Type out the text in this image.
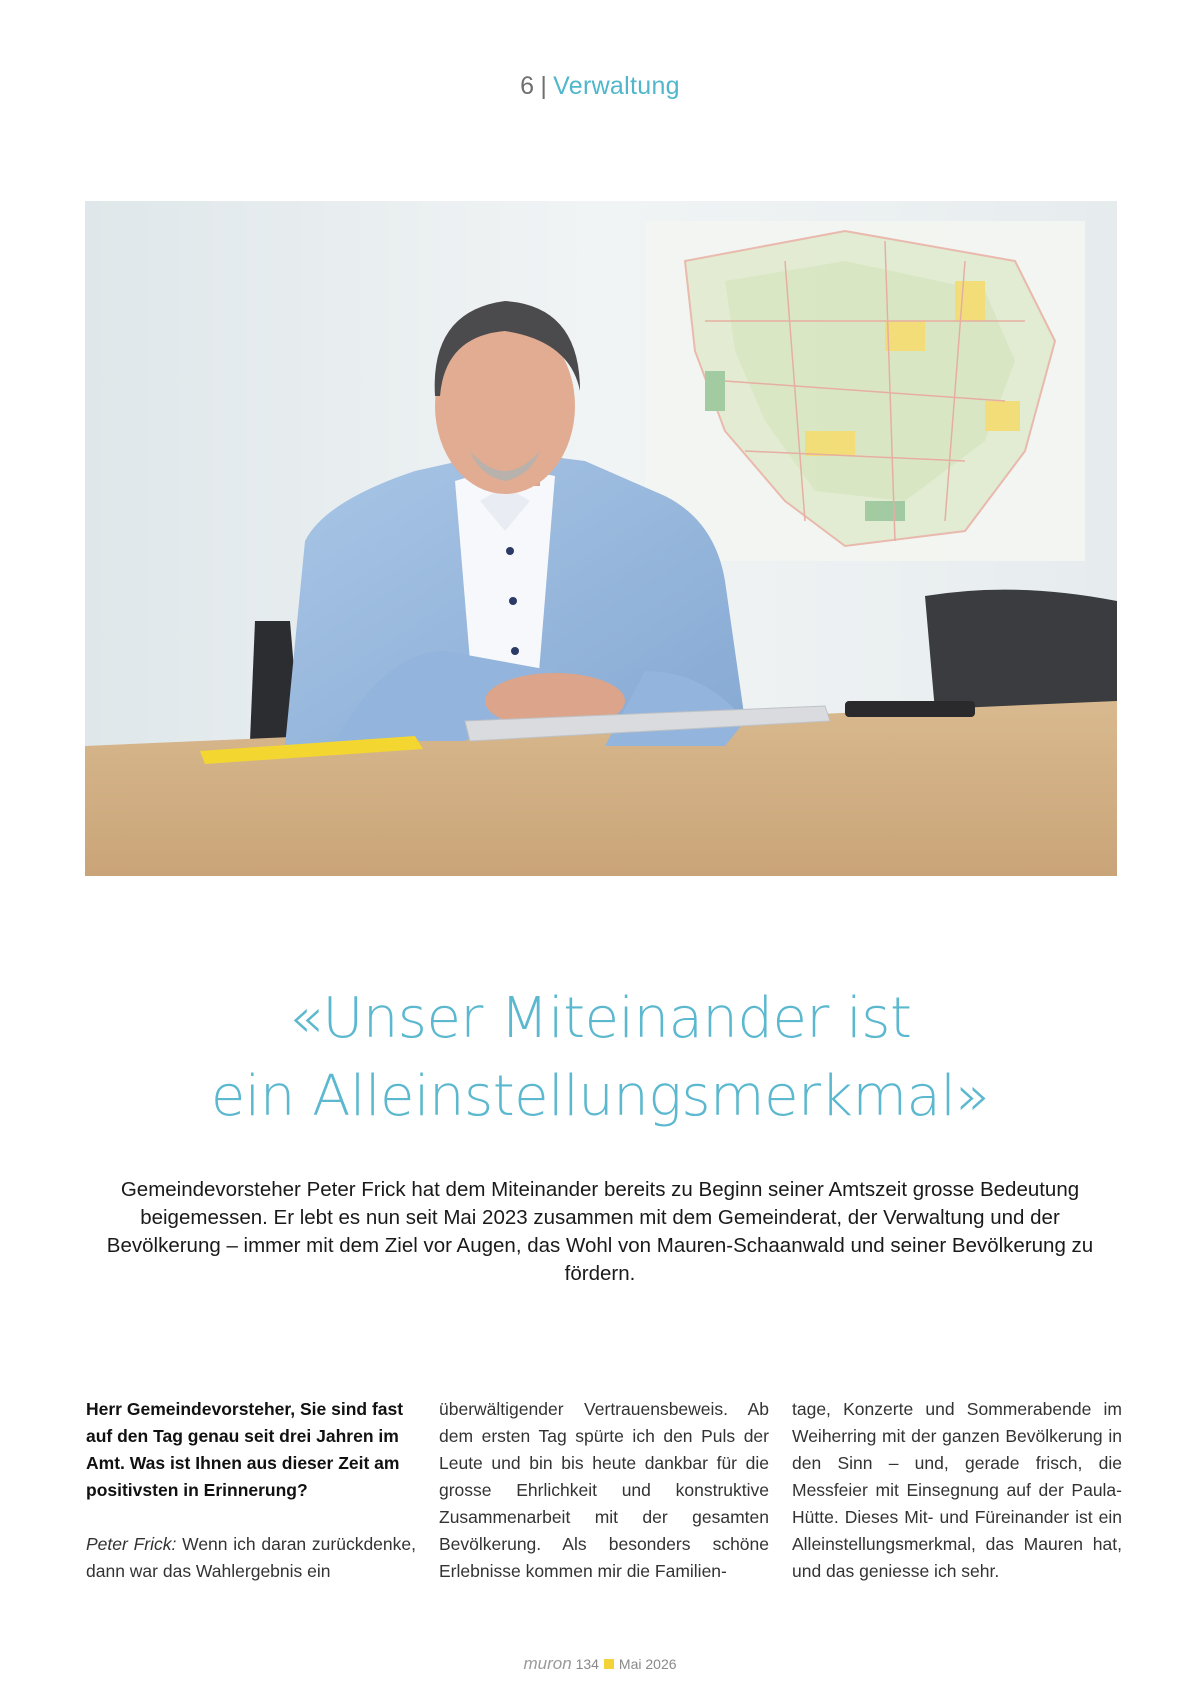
6 | Verwaltung
«Unser Miteinander ist
ein Alleinstellungsmerkmal»
Gemeindevorsteher Peter Frick hat dem Miteinander bereits zu Beginn seiner Amtszeit grosse Bedeutung beigemessen. Er lebt es nun seit Mai 2023 zusammen mit dem Gemeinderat, der Verwaltung und der Bevölkerung – immer mit dem Ziel vor Augen, das Wohl von Mauren-Schaanwald und seiner Bevölkerung zu fördern.

Herr Gemeindevorsteher, Sie sind fast auf den Tag genau seit drei Jahren im Amt. Was ist Ihnen aus dieser Zeit am positivsten in Erinnerung?

Peter Frick: Wenn ich daran zurückdenke, dann war das Wahlergebnis ein

überwältigender Vertrauensbeweis. Ab dem ersten Tag spürte ich den Puls der Leute und bin bis heute dankbar für die grosse Ehrlichkeit und konstruktive Zusammenarbeit mit der gesamten Bevölkerung. Als besonders schöne Erlebnisse kommen mir die Familien-

tage, Konzerte und Sommerabende im Weiherring mit der ganzen Bevölkerung in den Sinn – und, gerade frisch, die Messfeier mit Einsegnung auf der Paula-Hütte. Dieses Mit- und Füreinander ist ein Alleinstellungsmerkmal, das Mauren hat, und das geniesse ich sehr.

muron 134 Mai 2026
